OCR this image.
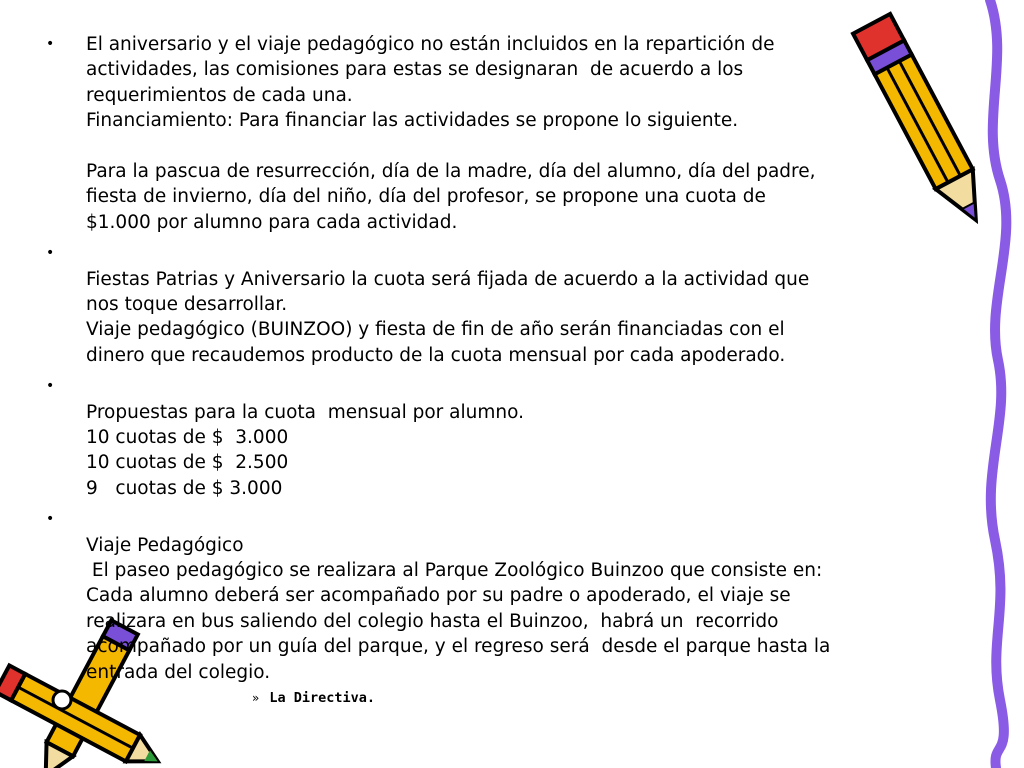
• El aniversario y el viaje pedagógico no están incluidos en la repartición de
actividades, las comisiones para estas se designaran  de acuerdo a los
requerimientos de cada una.
Financiamiento: Para financiar las actividades se propone lo siguiente.
Para la pascua de resurrección, día de la madre, día del alumno, día del padre,
fiesta de invierno, día del niño, día del profesor, se propone una cuota de
$1.000 por alumno para cada actividad.
•
Fiestas Patrias y Aniversario la cuota será fijada de acuerdo a la actividad que
nos toque desarrollar.
Viaje pedagógico (BUINZOO) y fiesta de fin de año serán financiadas con el
dinero que recaudemos producto de la cuota mensual por cada apoderado.
•
Propuestas para la cuota  mensual por alumno.
10 cuotas de $  3.000
10 cuotas de $  2.500
9   cuotas de $ 3.000
•
Viaje Pedagógico
El paseo pedagógico se realizara al Parque Zoológico Buinzoo que consiste en:
Cada alumno deberá ser acompañado por su padre o apoderado, el viaje se
realizara en bus saliendo del colegio hasta el Buinzoo,  habrá un  recorrido
acompañado por un guía del parque, y el regreso será  desde el parque hasta la
entrada del colegio.
» La Directiva.
